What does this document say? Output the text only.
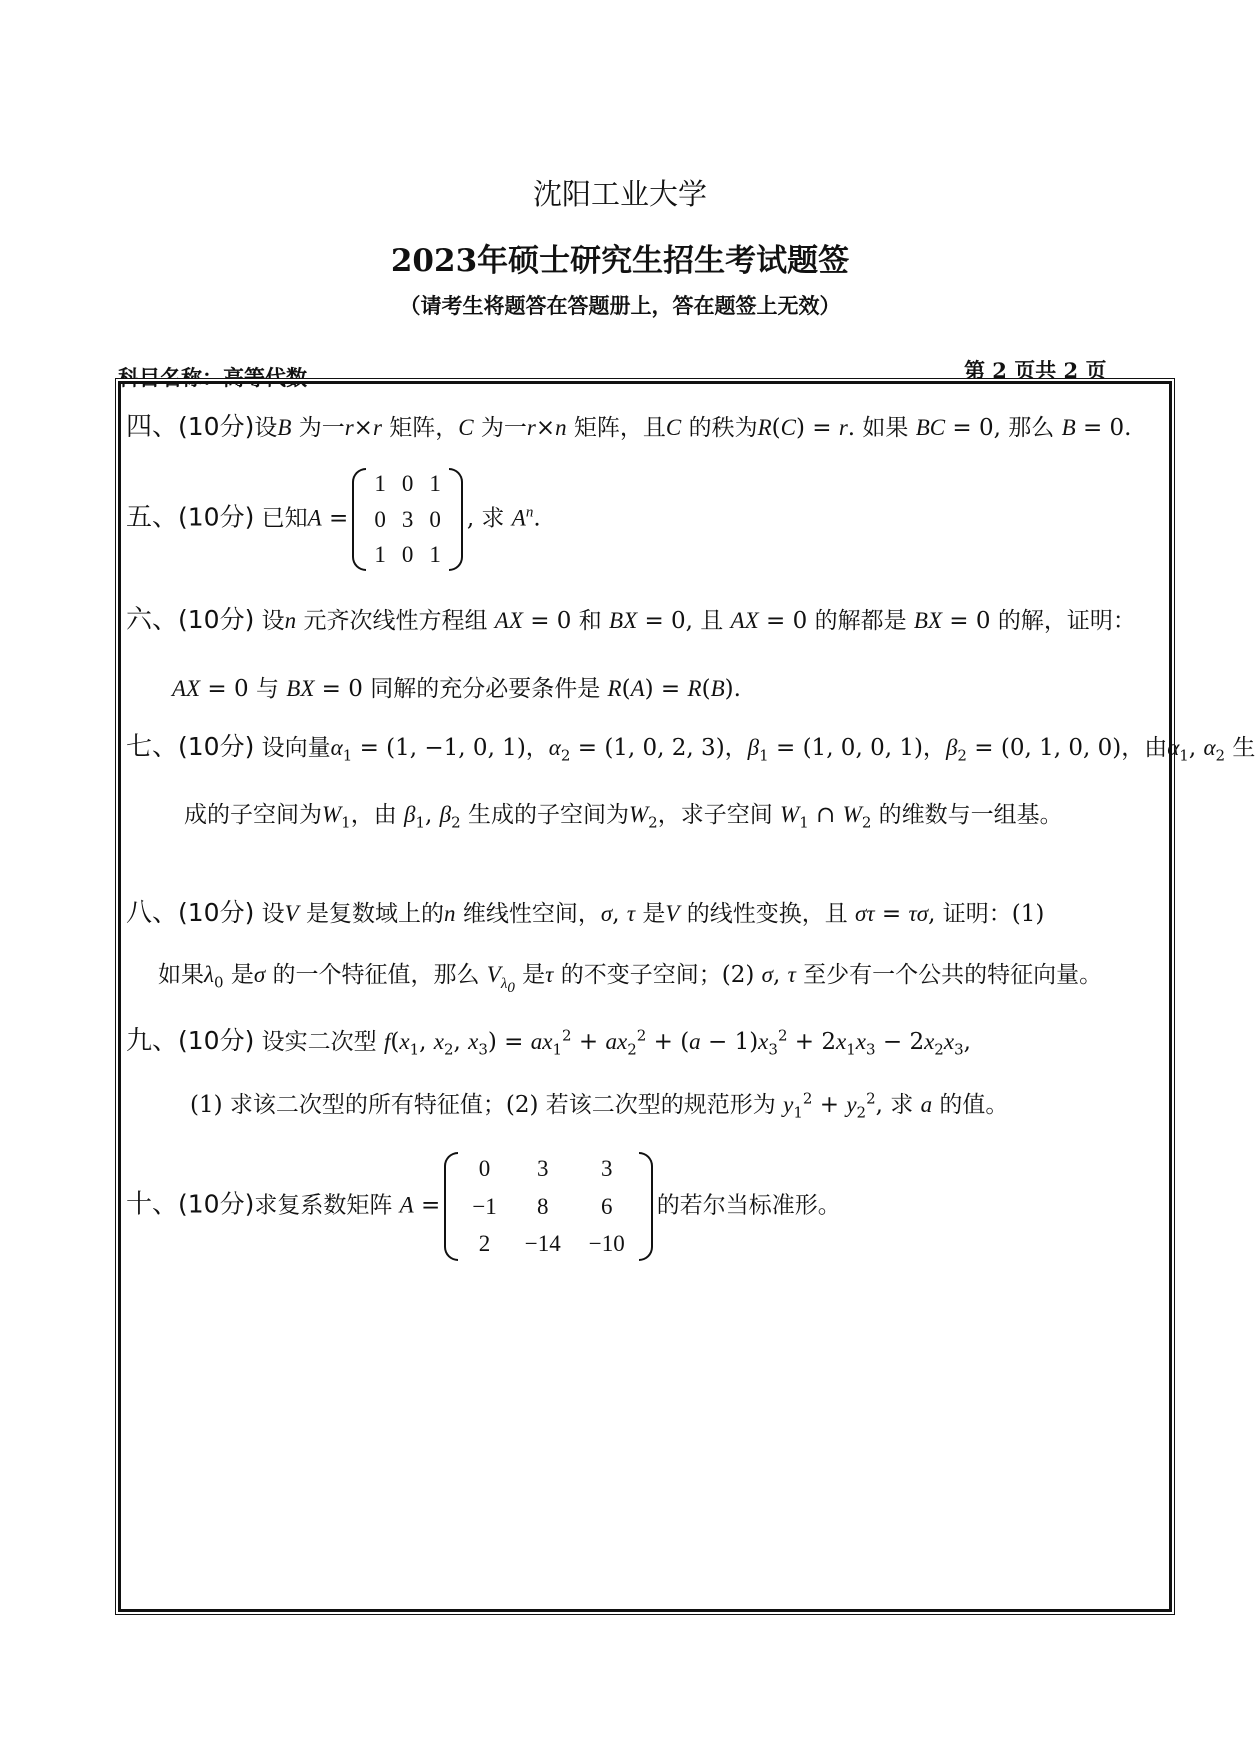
沈阳工业大学
2023年硕士研究生招生考试题签
（请考生将题答在答题册上，答在题签上无效）
科目名称：高等代数	第 2 页共 2 页
四、(10分)设B 为一r×r 矩阵，C 为一r×n 矩阵，且C 的秩为R(C) = r. 如果 BC = 0, 那么 B = 0.
五、(10分) 已知A =
1	0	1
0	3	0
1	0	1
, 求 $A^n$.
六、(10分) 设n 元齐次线性方程组 AX = 0 和 BX = 0, 且 AX = 0 的解都是 BX = 0 的解，证明：
AX = 0 与 BX = 0 同解的充分必要条件是 R(A) = R(B).
七、(10分) 设向量$\alpha_1 = (1$, −1, 0, 1)，$\alpha_2 = (1$, 0, 2, 3)，$\beta_1 = (1$, 0, 0, 1)，$\beta_2 = (0$, 1, 0, 0)，由$\alpha_1$, $\alpha_2$ 生
成的子空间为$W_1$，由 $\beta_1$, $\beta_2$ 生成的子空间为$W_2$，求子空间 $W_1$ ∩ $W_2$ 的维数与一组基。
八、(10分) 设V 是复数域上的n 维线性空间，σ, τ 是V 的线性变换，且 στ = τσ, 证明：(1)
如果$\lambda_0$ 是σ 的一个特征值，那么 $V_{\lambda_0}$ 是τ 的不变子空间；(2) σ, τ 至少有一个公共的特征向量。
九、(10分) 设实二次型 $f(x_1$, $x_2$, $x_3) = ax_1^2 + ax_2^2 + (a - 1)x_3^2 + 2x_1x_3 - 2x_2x_3$,
(1) 求该二次型的所有特征值；(2) 若该二次型的规范形为 $y_1^2 + y_2^2$, 求 a 的值。
十、(10分)求复系数矩阵 A =
0	3	3
−1	8	6
2	−14	−10
的若尔当标准形。
